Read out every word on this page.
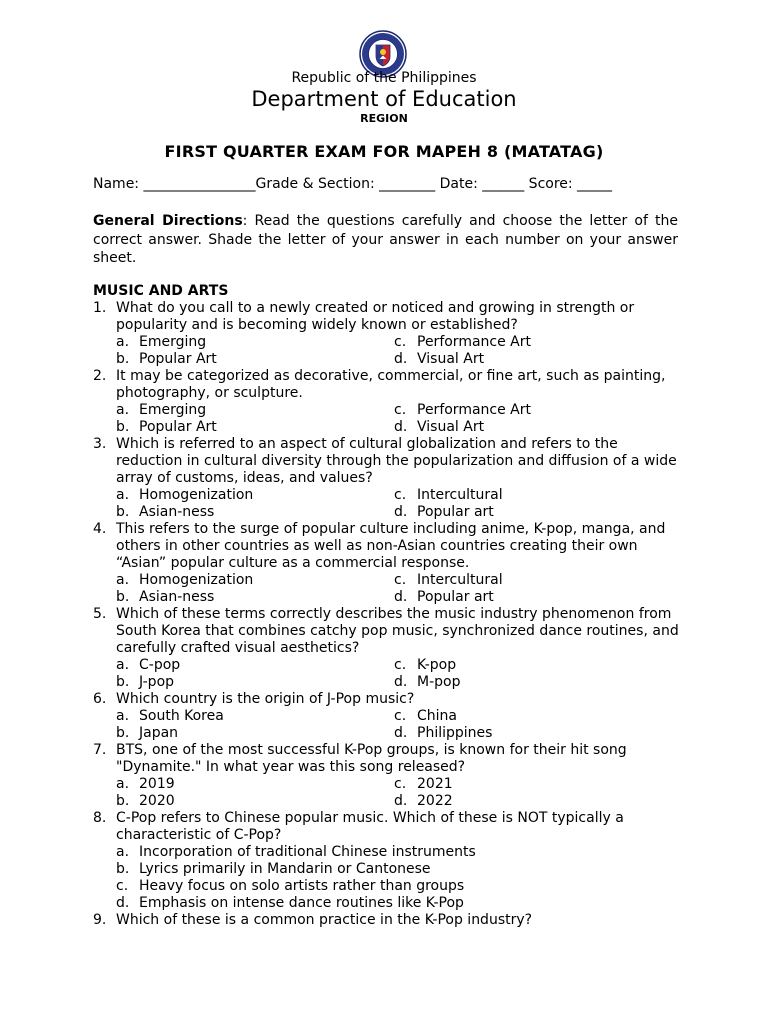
Republic of the Philippines
Department of Education
REGION
FIRST QUARTER EXAM FOR MAPEH 8 (MATATAG)
Name: ________________Grade & Section: ________ Date: ______ Score: _____
General Directions: Read the questions carefully and choose the letter of the correct answer. Shade the letter of your answer in each number on your answer sheet.
MUSIC AND ARTS
1. What do you call to a newly created or noticed and growing in strength or popularity and is becoming widely known or established?
a. Emerging	c. Performance Art
b. Popular Art	d. Visual Art
2. It may be categorized as decorative, commercial, or fine art, such as painting, photography, or sculpture.
a. Emerging	c. Performance Art
b. Popular Art	d. Visual Art
3. Which is referred to an aspect of cultural globalization and refers to the reduction in cultural diversity through the popularization and diffusion of a wide array of customs, ideas, and values?
a. Homogenization	c. Intercultural
b. Asian-ness	d. Popular art
4. This refers to the surge of popular culture including anime, K-pop, manga, and others in other countries as well as non-Asian countries creating their own “Asian” popular culture as a commercial response.
a. Homogenization	c. Intercultural
b. Asian-ness	d. Popular art
5. Which of these terms correctly describes the music industry phenomenon from South Korea that combines catchy pop music, synchronized dance routines, and carefully crafted visual aesthetics?
a. C-pop	c. K-pop
b. J-pop	d. M-pop
6. Which country is the origin of J-Pop music?
a. South Korea	c. China
b. Japan	d. Philippines
7. BTS, one of the most successful K-Pop groups, is known for their hit song "Dynamite." In what year was this song released?
a. 2019	c. 2021
b. 2020	d. 2022
8. C-Pop refers to Chinese popular music. Which of these is NOT typically a characteristic of C-Pop?
a. Incorporation of traditional Chinese instruments
b. Lyrics primarily in Mandarin or Cantonese
c. Heavy focus on solo artists rather than groups
d. Emphasis on intense dance routines like K-Pop
9. Which of these is a common practice in the K-Pop industry?
